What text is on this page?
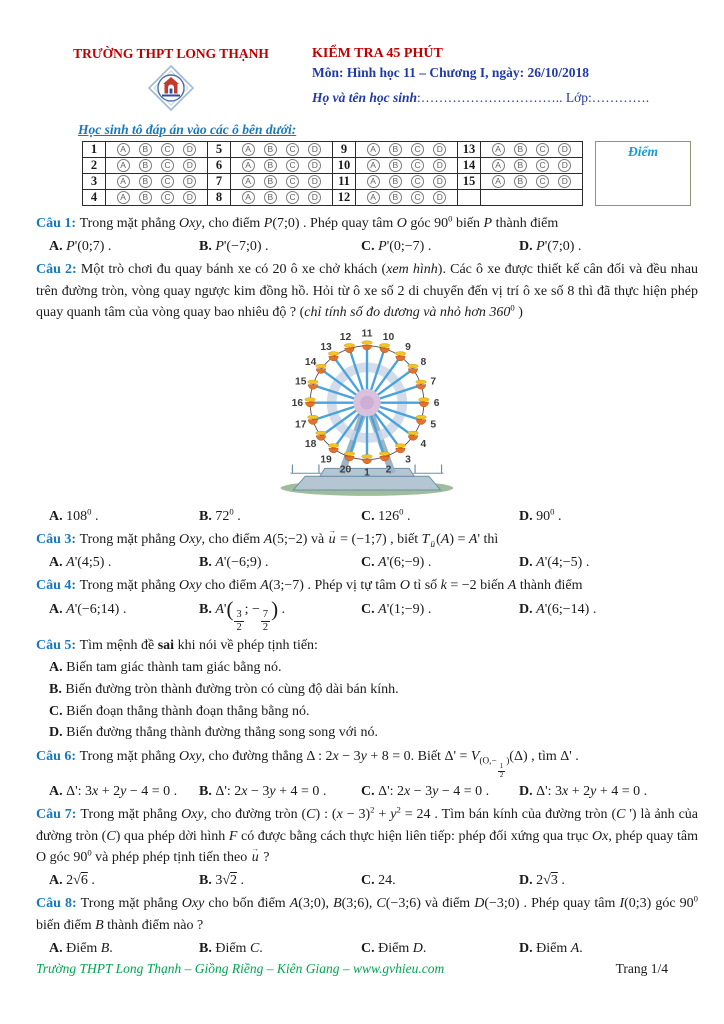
TRƯỜNG THPT LONG THẠNH	KIỂM TRA 45 PHÚT
Môn: Hình học 11 – Chương I, ngày: 26/10/2018
Họ và tên học sinh:………………………….. Lớp:………….
Học sinh tô đáp án vào các ô bên dưới:
1	A B C D	5	A B C D	9	A B C D	13	A B C D

2	A B C D	6	A B C D	10	A B C D	14	A B C D

3	A B C D	7	A B C D	11	A B C D	15	A B C D

4	A B C D	8	A B C D	12	A B C D		

Điểm
Câu 1: Trong mặt phẳng Oxy, cho điểm P(7;0) . Phép quay tâm O góc $90^0$ biến P thành điểm
A. P'(0;7) .	B. P'(−7;0) .	C. P'(0;−7) .	D. P'(7;0) .
Câu 2: Một trò chơi đu quay bánh xe có 20 ô xe chở khách (xem hình). Các ô xe được thiết kế cân đối và đều nhau trên đường tròn, vòng quay ngược kim đồng hồ. Hỏi từ ô xe số 2 di chuyển đến vị trí ô xe số 8 thì đã thực hiện phép quay quanh tâm của vòng quay bao nhiêu độ ? (chỉ tính số đo dương và nhỏ hơn $360^0$ )
1 2
3
4
5
6
7
8
9
10
11
12
13
14
15
16
17
18
19
20
A. $108^0$ .	B. $72^0$ .	C. $126^0$ .	D. $90^0$ .
Câu 3: Trong mặt phẳng Oxy, cho điểm A(5;−2) và u → = (−1;7) , biết Tu(A) = A' thì
A. A'(4;5) .	B. A'(−6;9) .	C. A'(6;−9) .	D. A'(4;−5) .
Câu 4: Trong mặt phẳng Oxy cho điểm A(3;−7) . Phép vị tự tâm O tỉ số k = −2 biến A thành điểm
A. A'(−6;14) .	B. A'(
$\frac{3}{2}$
; −
$\frac{7}{2}$
) .	C. A'(1;−9) .	D. A'(6;−14) .
Câu 5: Tìm mệnh đề sai khi nói về phép tịnh tiến:
A. Biến tam giác thành tam giác bằng nó.
B. Biến đường tròn thành đường tròn có cùng độ dài bán kính.
C. Biến đoạn thẳng thành đoạn thẳng bằng nó.
D. Biến đường thẳng thành đường thẳng song song với nó.
Câu 6: Trong mặt phẳng Oxy, cho đường thẳng Δ : 2x − 3y + 8 = 0. Biết $\Delta' = V_{(O,-}$
$\frac{1}{2}$
$_)$(Δ) , tìm Δ' .
A. Δ': 3x + 2y − 4 = 0 .	B. Δ': 2x − 3y + 4 = 0 .	C. Δ': 2x − 3y − 4 = 0 .	D. Δ': 3x + 2y + 4 = 0 .
Câu 7: Trong mặt phẳng Oxy, cho đường tròn (C) : $(x - 3)^2 + y^2 = 24$ . Tìm bán kính của đường tròn (C ') là ảnh của đường tròn (C) qua phép dời hình F có được bằng cách thực hiện liên tiếp: phép đối xứng qua trục Ox, phép quay tâm O góc $90^0$ và phép phép tịnh tiến theo u → ?
A. 2√6 .	B. 3√2 .	C. 24.	D. 2√3 .
Câu 8: Trong mặt phẳng Oxy cho bốn điểm A(3;0), B(3;6), C(−3;6) và điểm D(−3;0) . Phép quay tâm I(0;3) góc $90^0$ biến điểm B thành điểm nào ?
A. Điểm B.	B. Điểm C.	C. Điểm D.	D. Điểm A.
Trường THPT Long Thạnh – Giồng Riềng – Kiên Giang – www.gvhieu.com	Trang 1/4
